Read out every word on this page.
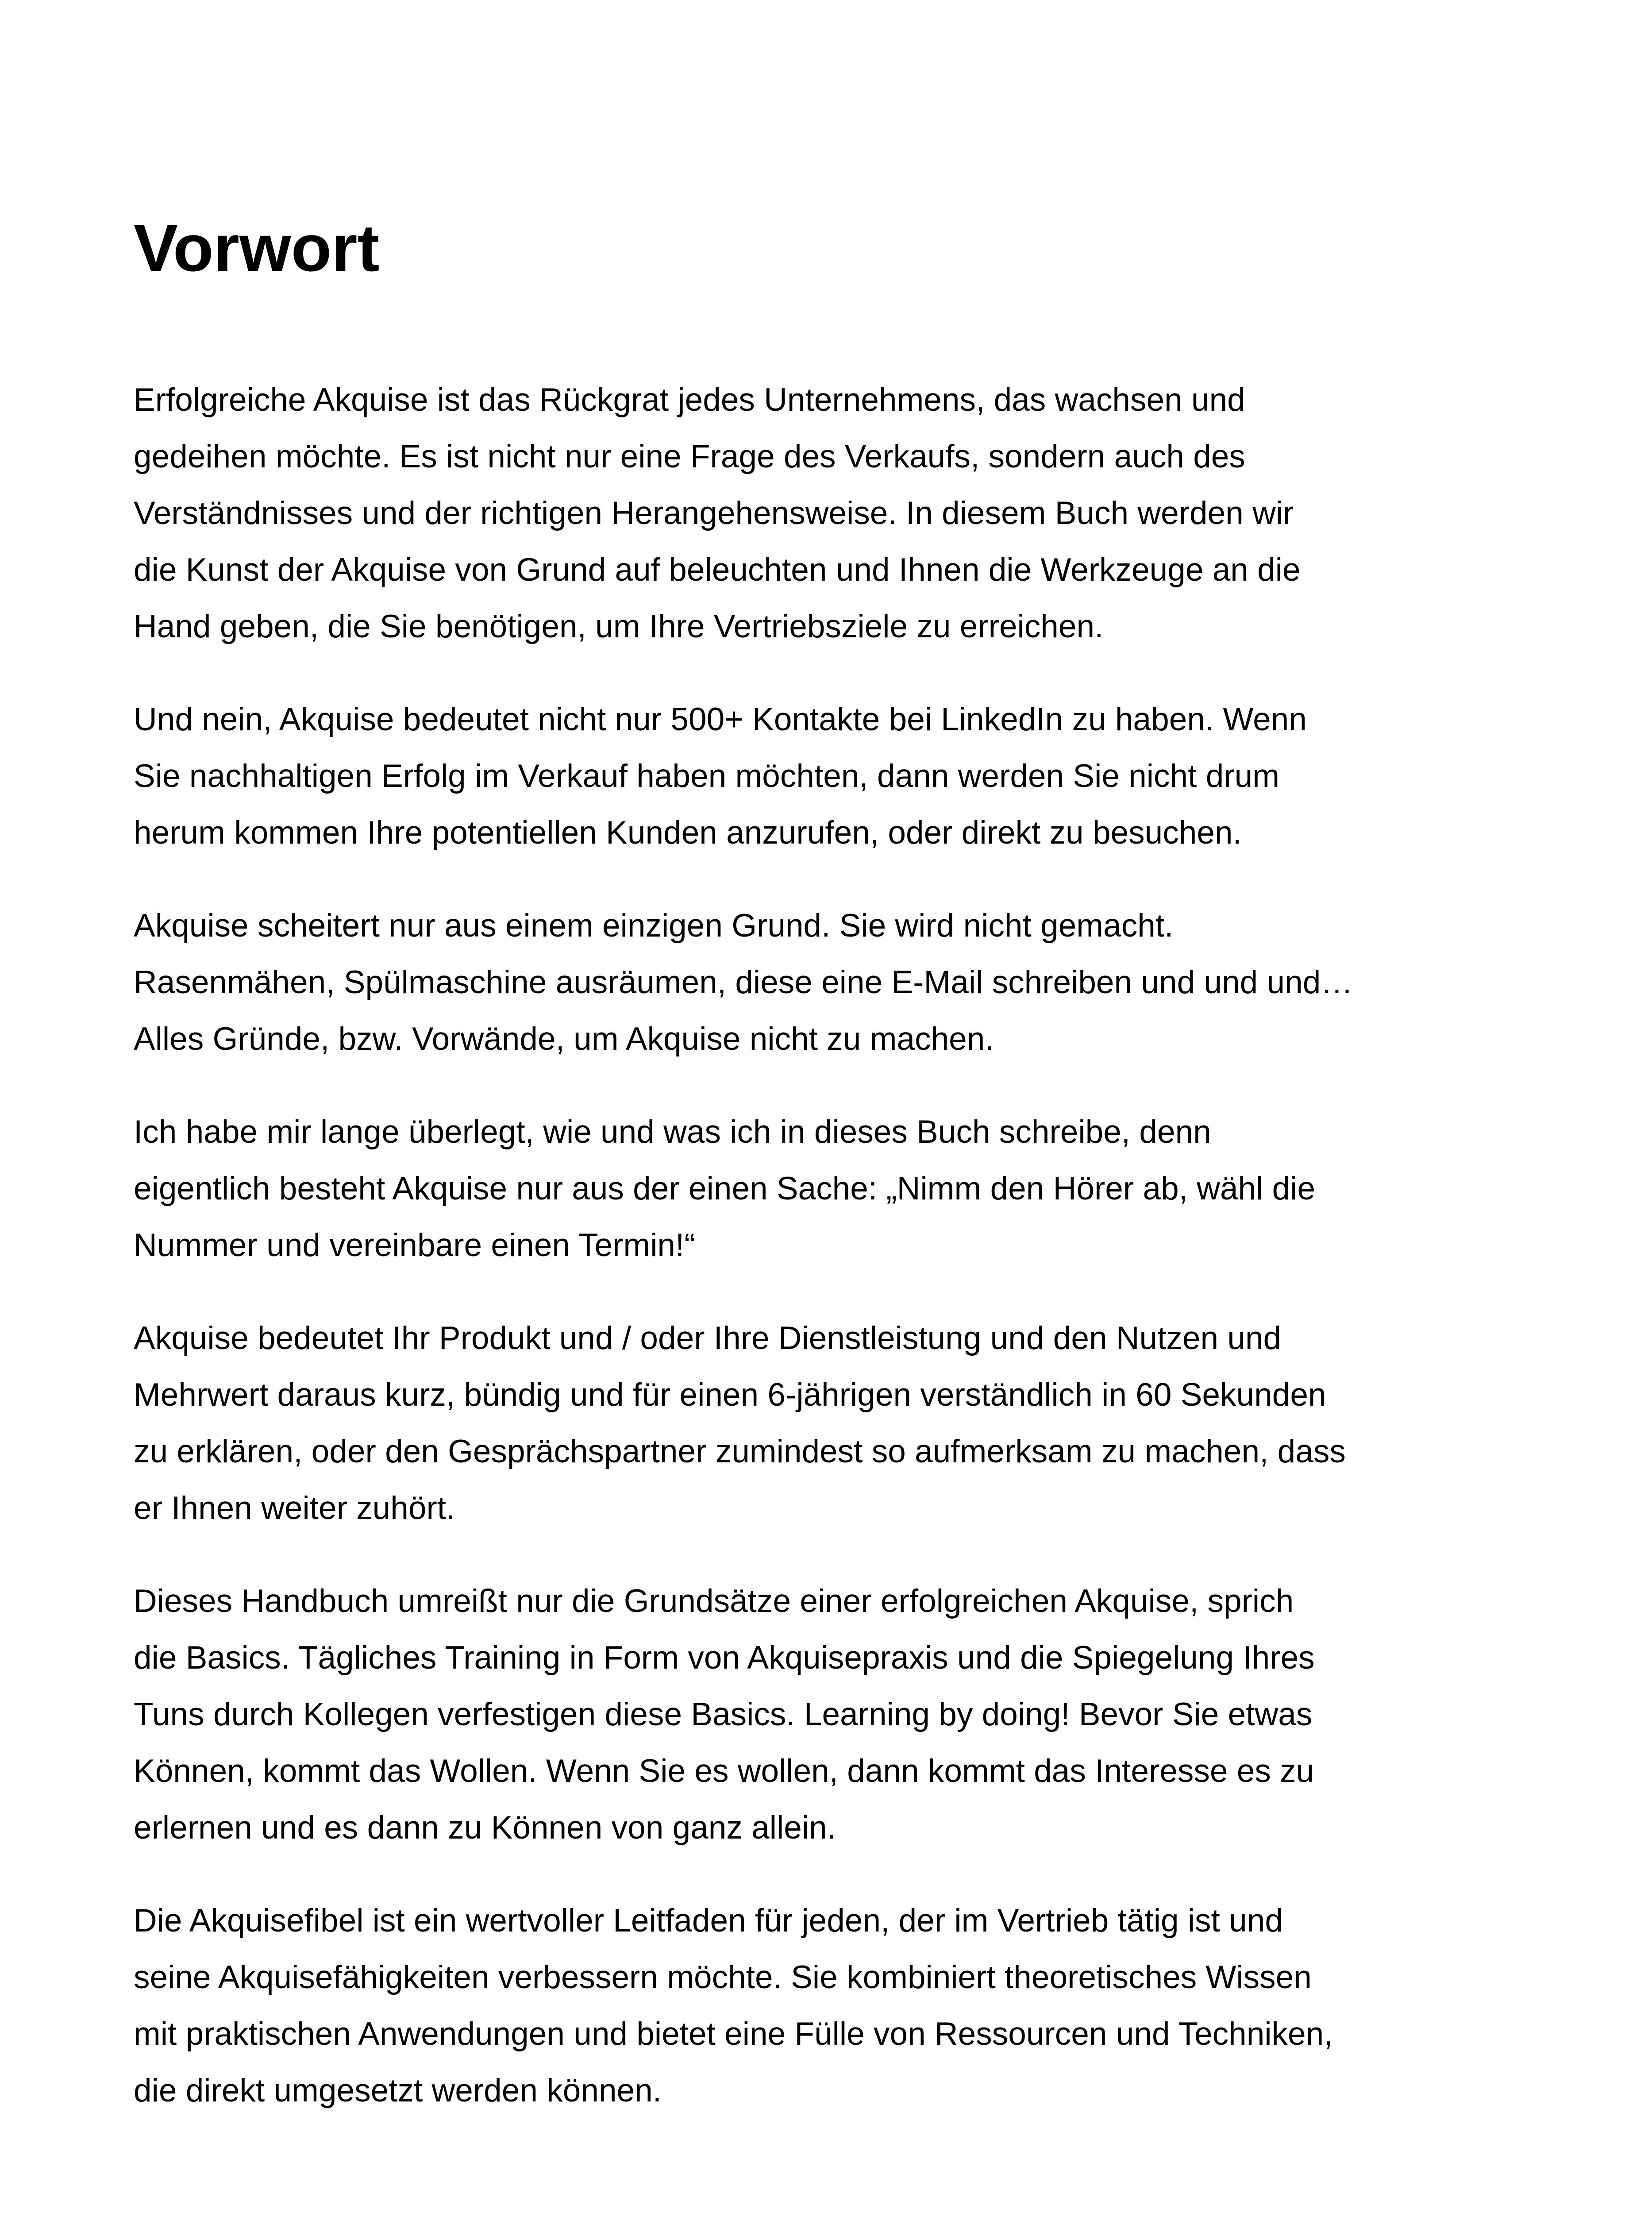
Vorwort
Erfolgreiche Akquise ist das Rückgrat jedes Unternehmens, das wachsen und
gedeihen möchte. Es ist nicht nur eine Frage des Verkaufs, sondern auch des
Verständnisses und der richtigen Herangehensweise. In diesem Buch werden wir
die Kunst der Akquise von Grund auf beleuchten und Ihnen die Werkzeuge an die
Hand geben, die Sie benötigen, um Ihre Vertriebsziele zu erreichen.
Und nein, Akquise bedeutet nicht nur 500+ Kontakte bei LinkedIn zu haben. Wenn
Sie nachhaltigen Erfolg im Verkauf haben möchten, dann werden Sie nicht drum
herum kommen Ihre potentiellen Kunden anzurufen, oder direkt zu besuchen.
Akquise scheitert nur aus einem einzigen Grund. Sie wird nicht gemacht.
Rasenmähen, Spülmaschine ausräumen, diese eine E-Mail schreiben und und und…
Alles Gründe, bzw. Vorwände, um Akquise nicht zu machen.
Ich habe mir lange überlegt, wie und was ich in dieses Buch schreibe, denn
eigentlich besteht Akquise nur aus der einen Sache: „Nimm den Hörer ab, wähl die
Nummer und vereinbare einen Termin!“
Akquise bedeutet Ihr Produkt und / oder Ihre Dienstleistung und den Nutzen und
Mehrwert daraus kurz, bündig und für einen 6-jährigen verständlich in 60 Sekunden
zu erklären, oder den Gesprächspartner zumindest so aufmerksam zu machen, dass
er Ihnen weiter zuhört.
Dieses Handbuch umreißt nur die Grundsätze einer erfolgreichen Akquise, sprich
die Basics. Tägliches Training in Form von Akquisepraxis und die Spiegelung Ihres
Tuns durch Kollegen verfestigen diese Basics. Learning by doing! Bevor Sie etwas
Können, kommt das Wollen. Wenn Sie es wollen, dann kommt das Interesse es zu
erlernen und es dann zu Können von ganz allein.
Die Akquisefibel ist ein wertvoller Leitfaden für jeden, der im Vertrieb tätig ist und
seine Akquisefähigkeiten verbessern möchte. Sie kombiniert theoretisches Wissen
mit praktischen Anwendungen und bietet eine Fülle von Ressourcen und Techniken,
die direkt umgesetzt werden können.
